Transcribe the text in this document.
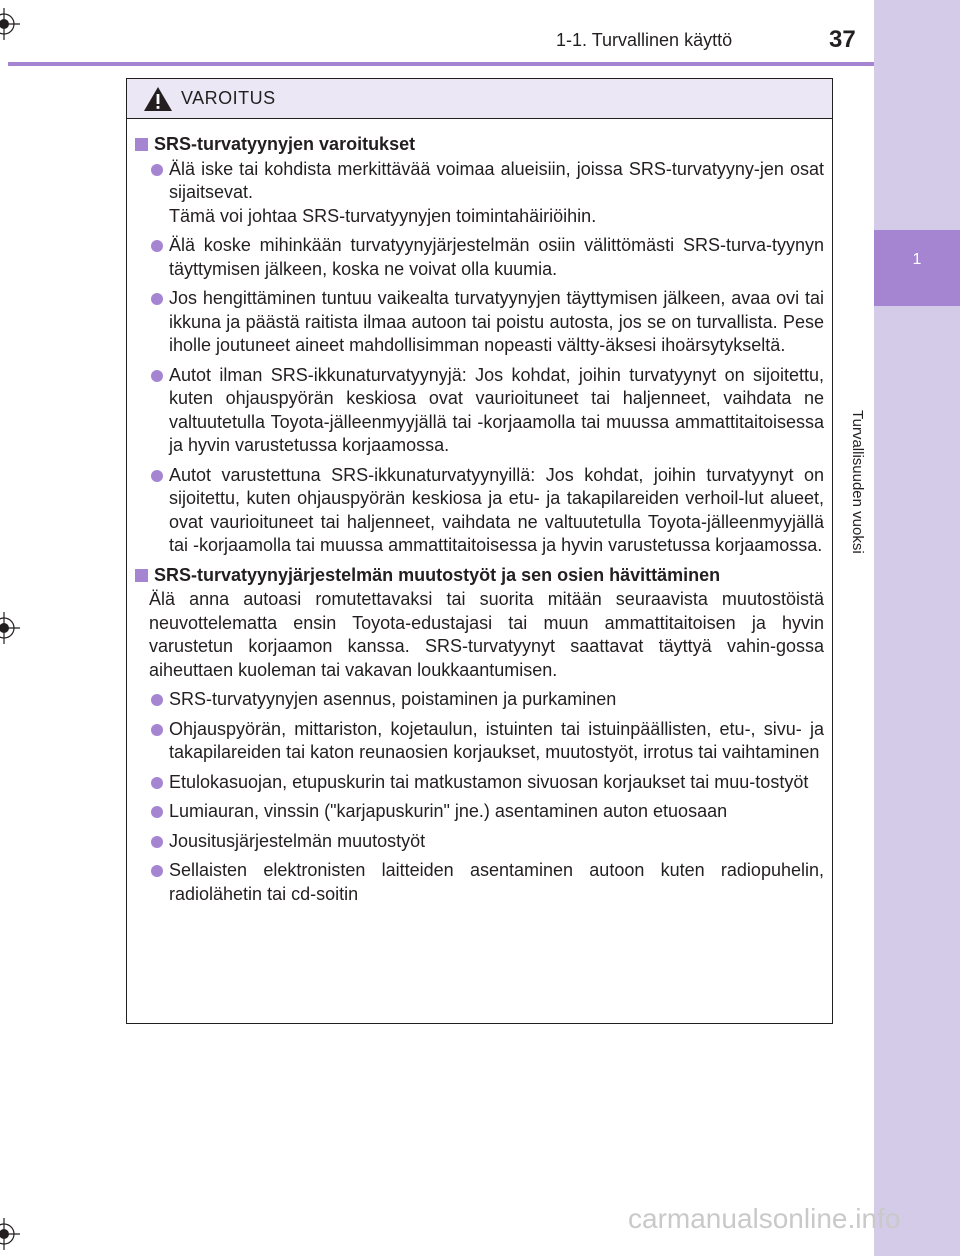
1
Turvallisuuden vuoksi
1-1. Turvallinen käyttö	37
VAROITUS
SRS-turvatyynyjen varoitukset
Älä iske tai kohdista merkittävää voimaa alueisiin, joissa SRS-turvatyyny-jen osat sijaitsevat.
Tämä voi johtaa SRS-turvatyynyjen toimintahäiriöihin.
Älä koske mihinkään turvatyynyjärjestelmän osiin välittömästi SRS-turva-tyynyn täyttymisen jälkeen, koska ne voivat olla kuumia.
Jos hengittäminen tuntuu vaikealta turvatyynyjen täyttymisen jälkeen, avaa ovi tai ikkuna ja päästä raitista ilmaa autoon tai poistu autosta, jos se on turvallista. Pese iholle joutuneet aineet mahdollisimman nopeasti vältty-äksesi ihoärsytykseltä.
Autot ilman SRS-ikkunaturvatyynyjä: Jos kohdat, joihin turvatyynyt on sijoitettu, kuten ohjauspyörän keskiosa ovat vaurioituneet tai haljenneet, vaihdata ne valtuutetulla Toyota-jälleenmyyjällä tai -korjaamolla tai muussa ammattitaitoisessa ja hyvin varustetussa korjaamossa.
Autot varustettuna SRS-ikkunaturvatyynyillä: Jos kohdat, joihin turvatyynyt on sijoitettu, kuten ohjauspyörän keskiosa ja etu- ja takapilareiden verhoil-lut alueet, ovat vaurioituneet tai haljenneet, vaihdata ne valtuutetulla Toyota-jälleenmyyjällä tai -korjaamolla tai muussa ammattitaitoisessa ja hyvin varustetussa korjaamossa.
SRS-turvatyynyjärjestelmän muutostyöt ja sen osien hävittäminen
Älä anna autoasi romutettavaksi tai suorita mitään seuraavista muutostöistä neuvottelematta ensin Toyota-edustajasi tai muun ammattitaitoisen ja hyvin varustetun korjaamon kanssa. SRS-turvatyynyt saattavat täyttyä vahin-gossa aiheuttaen kuoleman tai vakavan loukkaantumisen.
SRS-turvatyynyjen asennus, poistaminen ja purkaminen
Ohjauspyörän, mittariston, kojetaulun, istuinten tai istuinpäällisten, etu-, sivu- ja takapilareiden tai katon reunaosien korjaukset, muutostyöt, irrotus tai vaihtaminen
Etulokasuojan, etupuskurin tai matkustamon sivuosan korjaukset tai muu-tostyöt
Lumiauran, vinssin ("karjapuskurin" jne.) asentaminen auton etuosaan
Jousitusjärjestelmän muutostyöt
Sellaisten elektronisten laitteiden asentaminen autoon kuten radiopuhelin, radiolähetin tai cd-soitin
carmanualsonline.info
